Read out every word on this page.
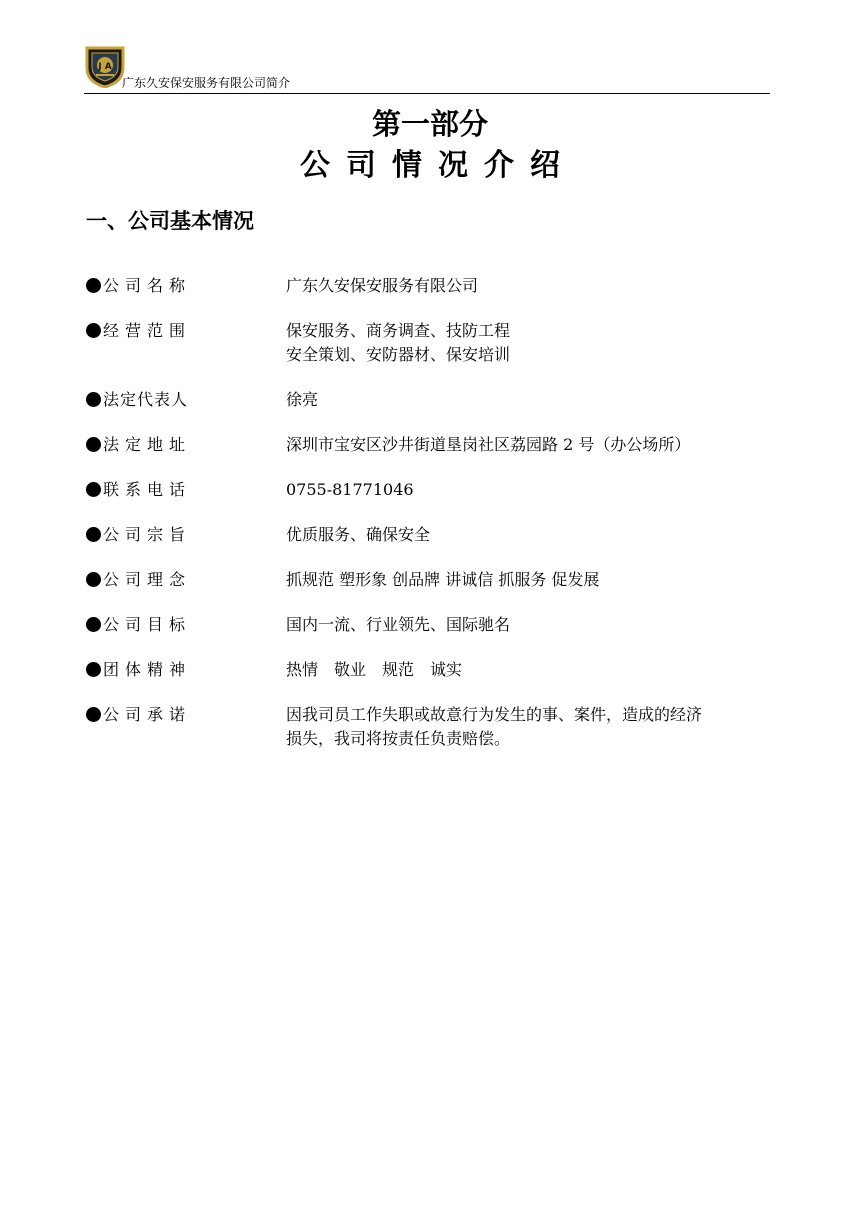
J A
广东久安保安服务有限公司简介
第一部分
公司情况介绍
一、公司基本情况
公司名称	广东久安保安服务有限公司
经营范围	保安服务、商务调查、技防工程
安全策划、安防器材、保安培训
法定代表人	徐亮
法定地址	深圳市宝安区沙井街道垦岗社区荔园路 2 号（办公场所）
联系电话	0755-81771046
公司宗旨	优质服务、确保安全
公司理念	抓规范 塑形象 创品牌 讲诚信 抓服务 促发展
公司目标	国内一流、行业领先、国际驰名
团体精神	热情　敬业　规范　诚实
公司承诺	因我司员工作失职或故意行为发生的事、案件，造成的经济
损失，我司将按责任负责赔偿。
